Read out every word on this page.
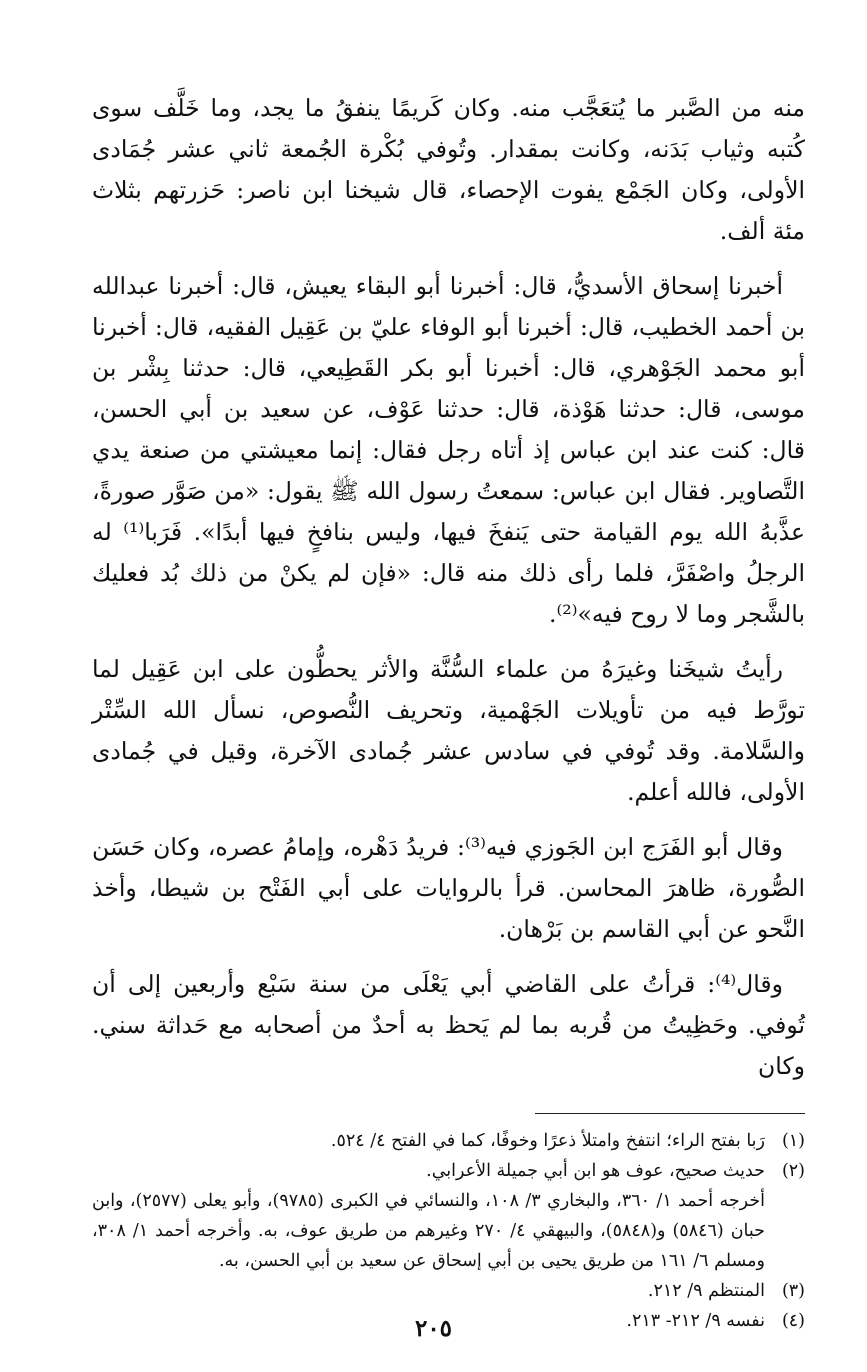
منه من الصَّبر ما يُتعَجَّب منه. وكان كَريمًا ينفقُ ما يجد، وما خَلَّف سوى كُتبه وثياب بَدَنه، وكانت بمقدار. وتُوفي بُكْرة الجُمعة ثاني عشر جُمَادى الأولى، وكان الجَمْع يفوت الإحصاء، قال شيخنا ابن ناصر: حَزرتهم بثلاث مئة ألف.

أخبرنا إسحاق الأسديُّ، قال: أخبرنا أبو البقاء يعيش، قال: أخبرنا عبدالله بن أحمد الخطيب، قال: أخبرنا أبو الوفاء عليّ بن عَقِيل الفقيه، قال: أخبرنا أبو محمد الجَوْهري، قال: أخبرنا أبو بكر القَطِيعي، قال: حدثنا بِشْر بن موسى، قال: حدثنا هَوْذة، قال: حدثنا عَوْف، عن سعيد بن أبي الحسن، قال: كنت عند ابن عباس إذ أتاه رجل فقال: إنما معيشتي من صنعة يدي التَّصاوير. فقال ابن عباس: سمعتُ رسول الله ﷺ يقول: «من صَوَّر صورةً، عذَّبهُ الله يوم القيامة حتى يَنفخَ فيها، وليس بنافخٍ فيها أبدًا». فَرَبا⁽¹⁾ له الرجلُ واصْفَرَّ، فلما رأى ذلك منه قال: «فإن لم يكنْ من ذلك بُد فعليك بالشَّجر وما لا روح فيه»⁽²⁾.

رأيتُ شيخَنا وغيرَهُ من علماء السُّنَّة والأثر يحطُّون على ابن عَقِيل لما تورَّط فيه من تأويلات الجَهْمية، وتحريف النُّصوص، نسأل الله السِّتْر والسَّلامة. وقد تُوفي في سادس عشر جُمادى الآخرة، وقيل في جُمادى الأولى، فالله أعلم.

وقال أبو الفَرَج ابن الجَوزي فيه⁽³⁾: فريدُ دَهْره، وإمامُ عصره، وكان حَسَن الصُّورة، ظاهرَ المحاسن. قرأ بالروايات على أبي الفَتْح بن شيطا، وأخذ النَّحو عن أبي القاسم بن بَرْهان.

وقال⁽⁴⁾: قرأتُ على القاضي أبي يَعْلَى من سنة سَبْع وأربعين إلى أن تُوفي. وحَظِيتُ من قُربه بما لم يَحظ به أحدٌ من أصحابه مع حَداثة سني. وكان

(١)
رَبا بفتح الراء؛ انتفخ وامتلأ ذعرًا وخوفًا، كما في الفتح ٤/ ٥٢٤.
(٢)
حديث صحيح، عوف هو ابن أبي جميلة الأعرابي.
أخرجه أحمد ١/ ٣٦٠، والبخاري ٣/ ١٠٨، والنسائي في الكبرى (٩٧٨٥)، وأبو يعلى (٢٥٧٧)، وابن حبان (٥٨٤٦) و(٥٨٤٨)، والبيهقي ٤/ ٢٧٠ وغيرهم من طريق عوف، به. وأخرجه أحمد ١/ ٣٠٨، ومسلم ٦/ ١٦١ من طريق يحيى بن أبي إسحاق عن سعيد بن أبي الحسن، به.
(٣)
المنتظم ٩/ ٢١٢.
(٤)
نفسه ٩/ ٢١٢- ٢١٣.
٢٠٥
